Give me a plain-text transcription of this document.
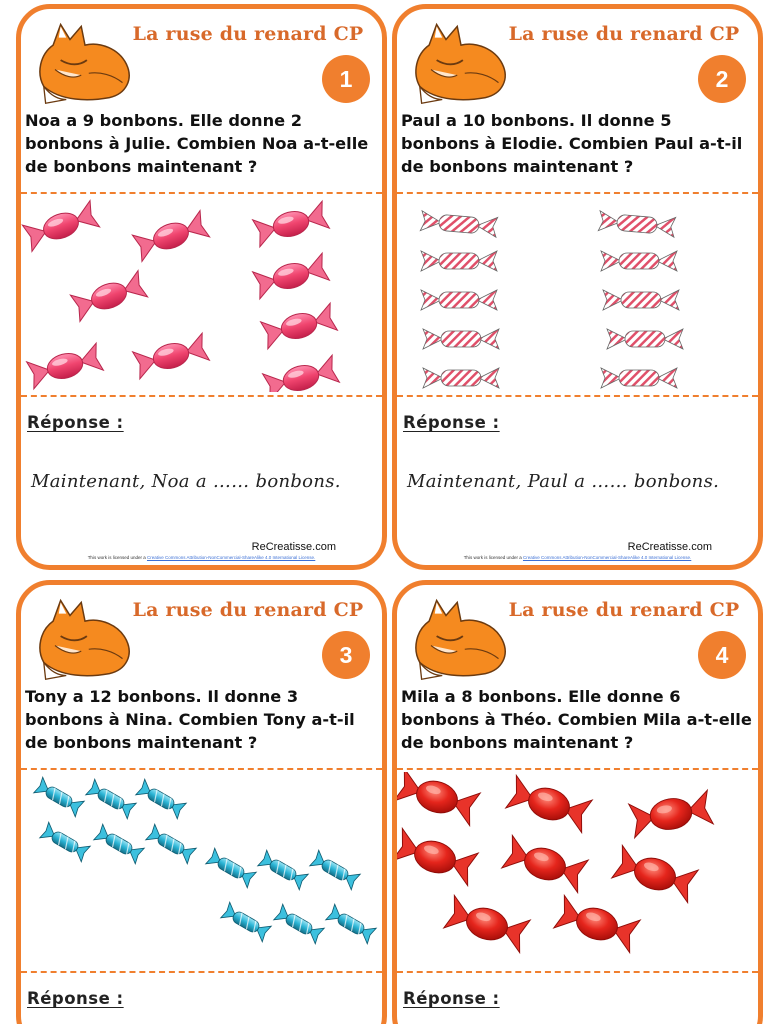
La ruse du renard CP
1
Noa a 9 bonbons. Elle donne 2 bonbons à Julie. Combien Noa a-t-elle de bonbons maintenant ?
Réponse :
Maintenant, Noa a …… bonbons.
ReCreatisse.com
This work is licensed under a Creative Commons Attribution-NonCommercial-ShareAlike 4.0 International License.
La ruse du renard CP
2
Paul a 10 bonbons. Il donne 5 bonbons à Elodie. Combien Paul a-t-il de bonbons maintenant ?
Réponse :
Maintenant, Paul a …… bonbons.
ReCreatisse.com
This work is licensed under a Creative Commons Attribution-NonCommercial-ShareAlike 4.0 International License.
La ruse du renard CP
3
Tony a 12 bonbons. Il donne 3 bonbons à Nina. Combien Tony a-t-il de bonbons maintenant ?
Réponse :
La ruse du renard CP
4
Mila a 8 bonbons. Elle donne 6 bonbons à Théo. Combien Mila a-t-elle de bonbons maintenant ?
Réponse :
